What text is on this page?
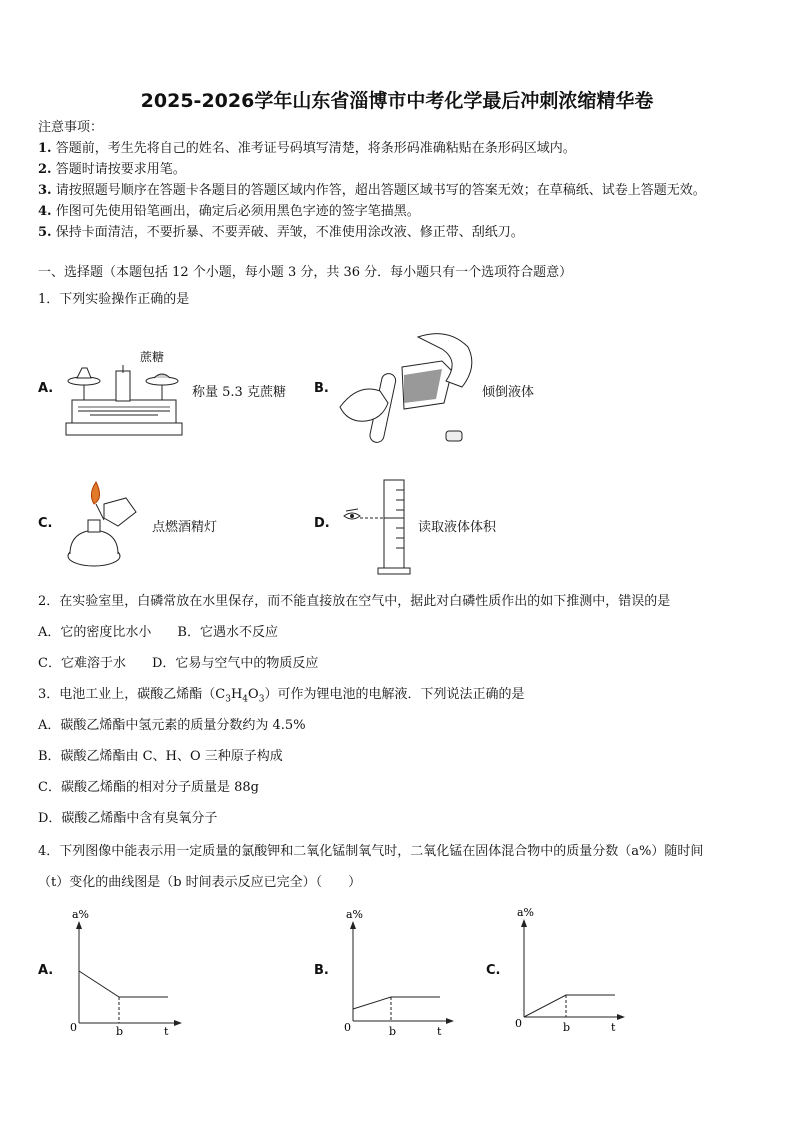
2025-2026学年山东省淄博市中考化学最后冲刺浓缩精华卷
注意事项：
1. 答题前，考生先将自己的姓名、准考证号码填写清楚，将条形码准确粘贴在条形码区域内。
2. 答题时请按要求用笔。
3. 请按照题号顺序在答题卡各题目的答题区域内作答，超出答题区域书写的答案无效；在草稿纸、试卷上答题无效。
4. 作图可先使用铅笔画出，确定后必须用黑色字迹的签字笔描黑。
5. 保持卡面清洁，不要折暴、不要弄破、弄皱，不准使用涂改液、修正带、刮纸刀。
一、选择题（本题包括 12 个小题，每小题 3 分，共 36 分．每小题只有一个选项符合题意）
1．下列实验操作正确的是
A.
蔗糖
称量 5.3 克蔗糖 B.	倾倒液体
C.	点燃酒精灯	D.	读取液体体积
2．在实验室里，白磷常放在水里保存，而不能直接放在空气中，据此对白磷性质作出的如下推测中，错误的是
A．它的密度比水小　　B．它遇水不反应
C．它难溶于水　　D．它易与空气中的物质反应
3．电池工业上，碳酸乙烯酯$(C_3H_4O_3)$可作为锂电池的电解液．下列说法正确的是
A．碳酸乙烯酯中氢元素的质量分数约为 4.5%
B．碳酸乙烯酯由 C、H、O 三种原子构成
C．碳酸乙烯酯的相对分子质量是 88g
D．碳酸乙烯酯中含有臭氧分子
4．下列图像中能表示用一定质量的氯酸钾和二氧化锰制氧气时，二氧化锰在固体混合物中的质量分数（a%）随时间
（t）变化的曲线图是（b 时间表示反应已完全）（　　）
A.
a%
0	b	t
B.
a%
0	b	t
C.
a%
0	b	t
